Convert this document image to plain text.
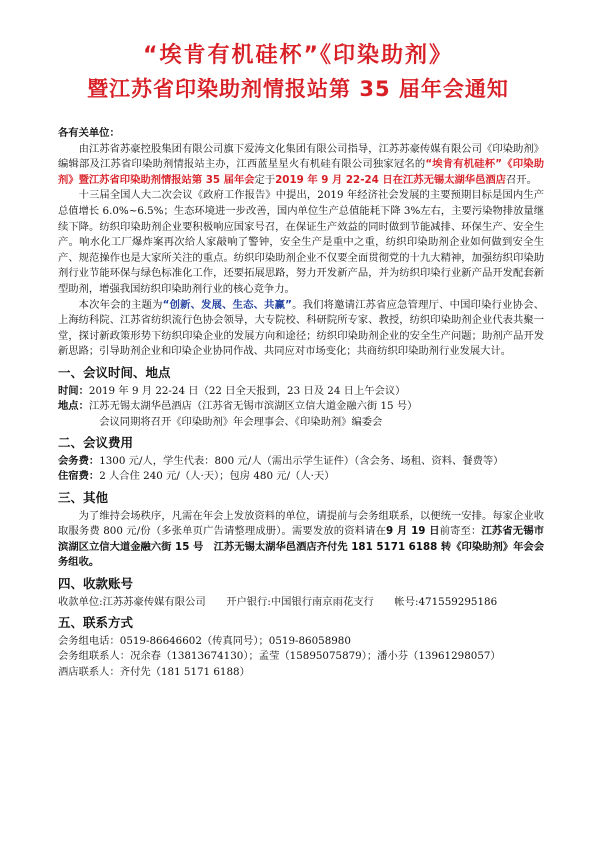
“埃肯有机硅杯”《印染助剂》
暨江苏省印染助剂情报站第 35 届年会通知

各有关单位：

由江苏省苏豪控股集团有限公司旗下爱涛文化集团有限公司指导，江苏苏豪传媒有限公司《印染助剂》编辑部及江苏省印染助剂情报站主办，江西蓝星星火有机硅有限公司独家冠名的“埃肯有机硅杯”《印染助剂》暨江苏省印染助剂情报站第 35 届年会定于2019 年 9 月 22-24 日在江苏无锡太湖华邑酒店召开。

十三届全国人大二次会议《政府工作报告》中提出，2019 年经济社会发展的主要预期目标是国内生产总值增长 6.0%~6.5%；生态环境进一步改善，国内单位生产总值能耗下降 3%左右，主要污染物排放量继续下降。纺织印染助剂企业要积极响应国家号召，在保证生产效益的同时做到节能减排、环保生产、安全生产。响水化工厂爆炸案再次给人家敲响了警钟，安全生产是重中之重，纺织印染助剂企业如何做到安全生产、规范操作也是大家所关注的重点。纺织印染助剂企业不仅要全面贯彻党的十九大精神，加强纺织印染助剂行业节能环保与绿色标准化工作，还要拓展思路，努力开发新产品，并为纺织印染行业新产品开发配套新型助剂，增强我国纺织印染助剂行业的核心竞争力。

本次年会的主题为“创新、发展、生态、共赢”。我们将邀请江苏省应急管理厅、中国印染行业协会、上海纺科院、江苏省纺织流行色协会领导，大专院校、科研院所专家、教授，纺织印染助剂企业代表共聚一堂，探讨新政策形势下纺织印染企业的发展方向和途径；纺织印染助剂企业的安全生产问题；助剂产品开发新思路；引导助剂企业和印染企业协同作战、共同应对市场变化；共商纺织印染助剂行业发展大计。

一、会议时间、地点

时间：2019 年 9 月 22-24 日（22 日全天报到，23 日及 24 日上午会议）

地点：江苏无锡太湖华邑酒店（江苏省无锡市滨湖区立信大道金融六街 15 号）

会议同期将召开《印染助剂》年会理事会、《印染助剂》编委会

二、会议费用

会务费：1300 元/人，学生代表：800 元/人（需出示学生证件）（含会务、场租、资料、餐费等）

住宿费：2 人合住 240 元/（人·天）；包房 480 元/（人·天）

三、其他

为了维持会场秩序，凡需在年会上发放资料的单位，请提前与会务组联系，以便统一安排。每家企业收取服务费 800 元/份（多张单页广告请整理成册）。需要发放的资料请在9 月 19 日前寄至：江苏省无锡市滨湖区立信大道金融六街 15 号　江苏无锡太湖华邑酒店齐付先 181 5171 6188 转《印染助剂》年会会务组收。

四、收款账号

收款单位:江苏苏豪传媒有限公司　　开户银行:中国银行南京雨花支行　　帐号:471559295186

五、联系方式

会务组电话：0519-86646602（传真同号）；0519-86058980

会务组联系人：况余春（13813674130）；孟莹（15895075879）；潘小芬（13961298057）

酒店联系人：齐付先（181 5171 6188）
